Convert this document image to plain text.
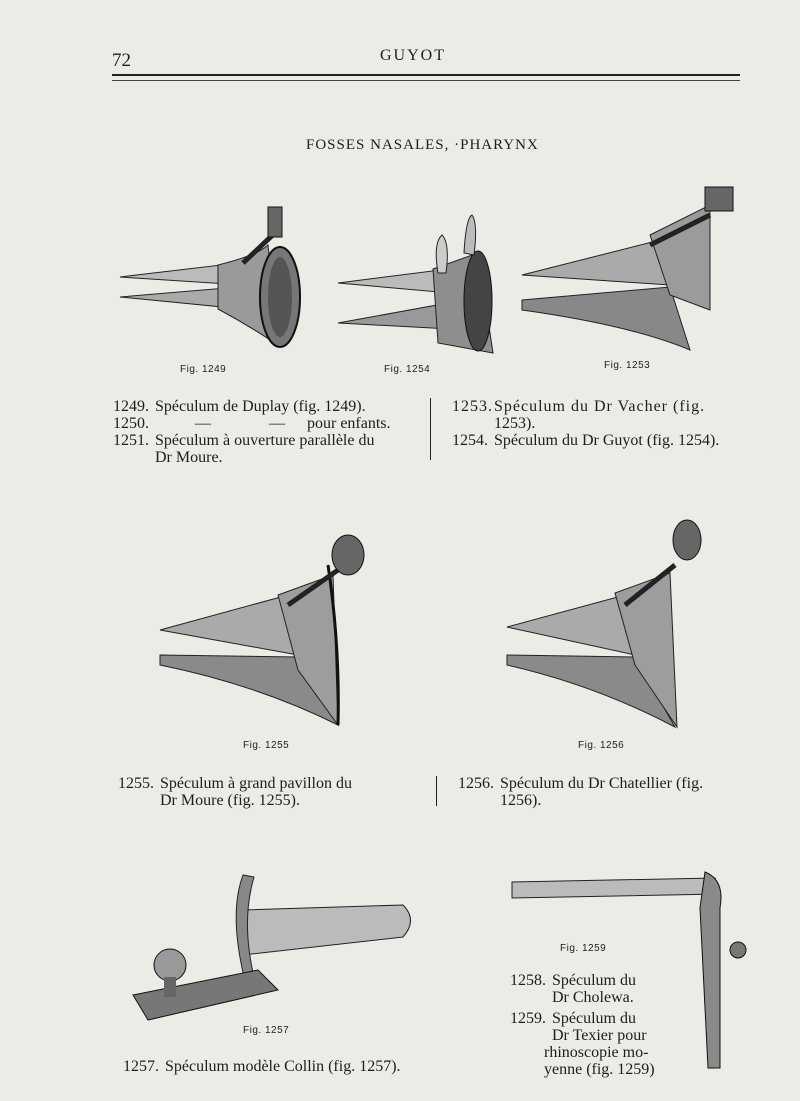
72	GUYOT
FOSSES NASALES, ·PHARYNX
Fig. 1249	Fig. 1254	Fig. 1253
1249. Spéculum de Duplay (fig. 1249).
1250.	—	— pour enfants.
1251. Spéculum à ouverture parallèle du
Dr Moure.
1253.Spéculum du Dr Vacher (fig.
1253).
1254. Spéculum du Dr Guyot (fig. 1254).
Fig. 1255	Fig. 1256
1255. Spéculum à grand pavillon du
Dr Moure (fig. 1255).
1256. Spéculum du Dr Chatellier (fig.
1256).
Fig. 1257
1257. Spéculum modèle Collin (fig. 1257).
Fig. 1259
1258. Spéculum du
Dr Cholewa.
1259. Spéculum du
Dr Texier pour
rhinoscopie mo-
yenne (fig. 1259)
